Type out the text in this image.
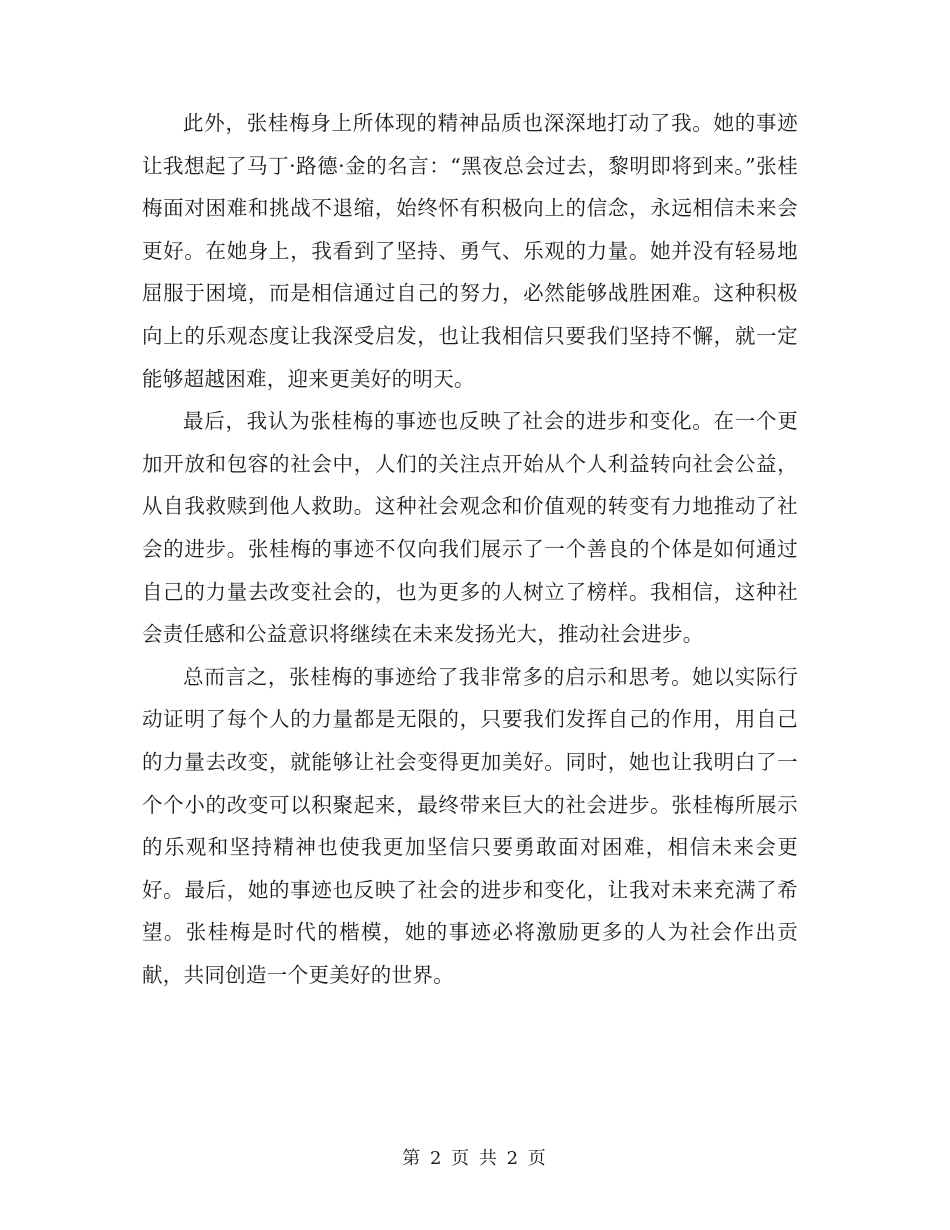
此外，张桂梅身上所体现的精神品质也深深地打动了我。她的事迹让我想起了马丁·路德·金的名言：“黑夜总会过去，黎明即将到来。”张桂梅面对困难和挑战不退缩，始终怀有积极向上的信念，永远相信未来会更好。在她身上，我看到了坚持、勇气、乐观的力量。她并没有轻易地屈服于困境，而是相信通过自己的努力，必然能够战胜困难。这种积极向上的乐观态度让我深受启发，也让我相信只要我们坚持不懈，就一定能够超越困难，迎来更美好的明天。

最后，我认为张桂梅的事迹也反映了社会的进步和变化。在一个更加开放和包容的社会中，人们的关注点开始从个人利益转向社会公益，从自我救赎到他人救助。这种社会观念和价值观的转变有力地推动了社会的进步。张桂梅的事迹不仅向我们展示了一个善良的个体是如何通过自己的力量去改变社会的，也为更多的人树立了榜样。我相信，这种社会责任感和公益意识将继续在未来发扬光大，推动社会进步。

总而言之，张桂梅的事迹给了我非常多的启示和思考。她以实际行动证明了每个人的力量都是无限的，只要我们发挥自己的作用，用自己的力量去改变，就能够让社会变得更加美好。同时，她也让我明白了一个个小的改变可以积聚起来，最终带来巨大的社会进步。张桂梅所展示的乐观和坚持精神也使我更加坚信只要勇敢面对困难，相信未来会更好。最后，她的事迹也反映了社会的进步和变化，让我对未来充满了希望。张桂梅是时代的楷模，她的事迹必将激励更多的人为社会作出贡献，共同创造一个更美好的世界。

第 2 页 共 2 页
